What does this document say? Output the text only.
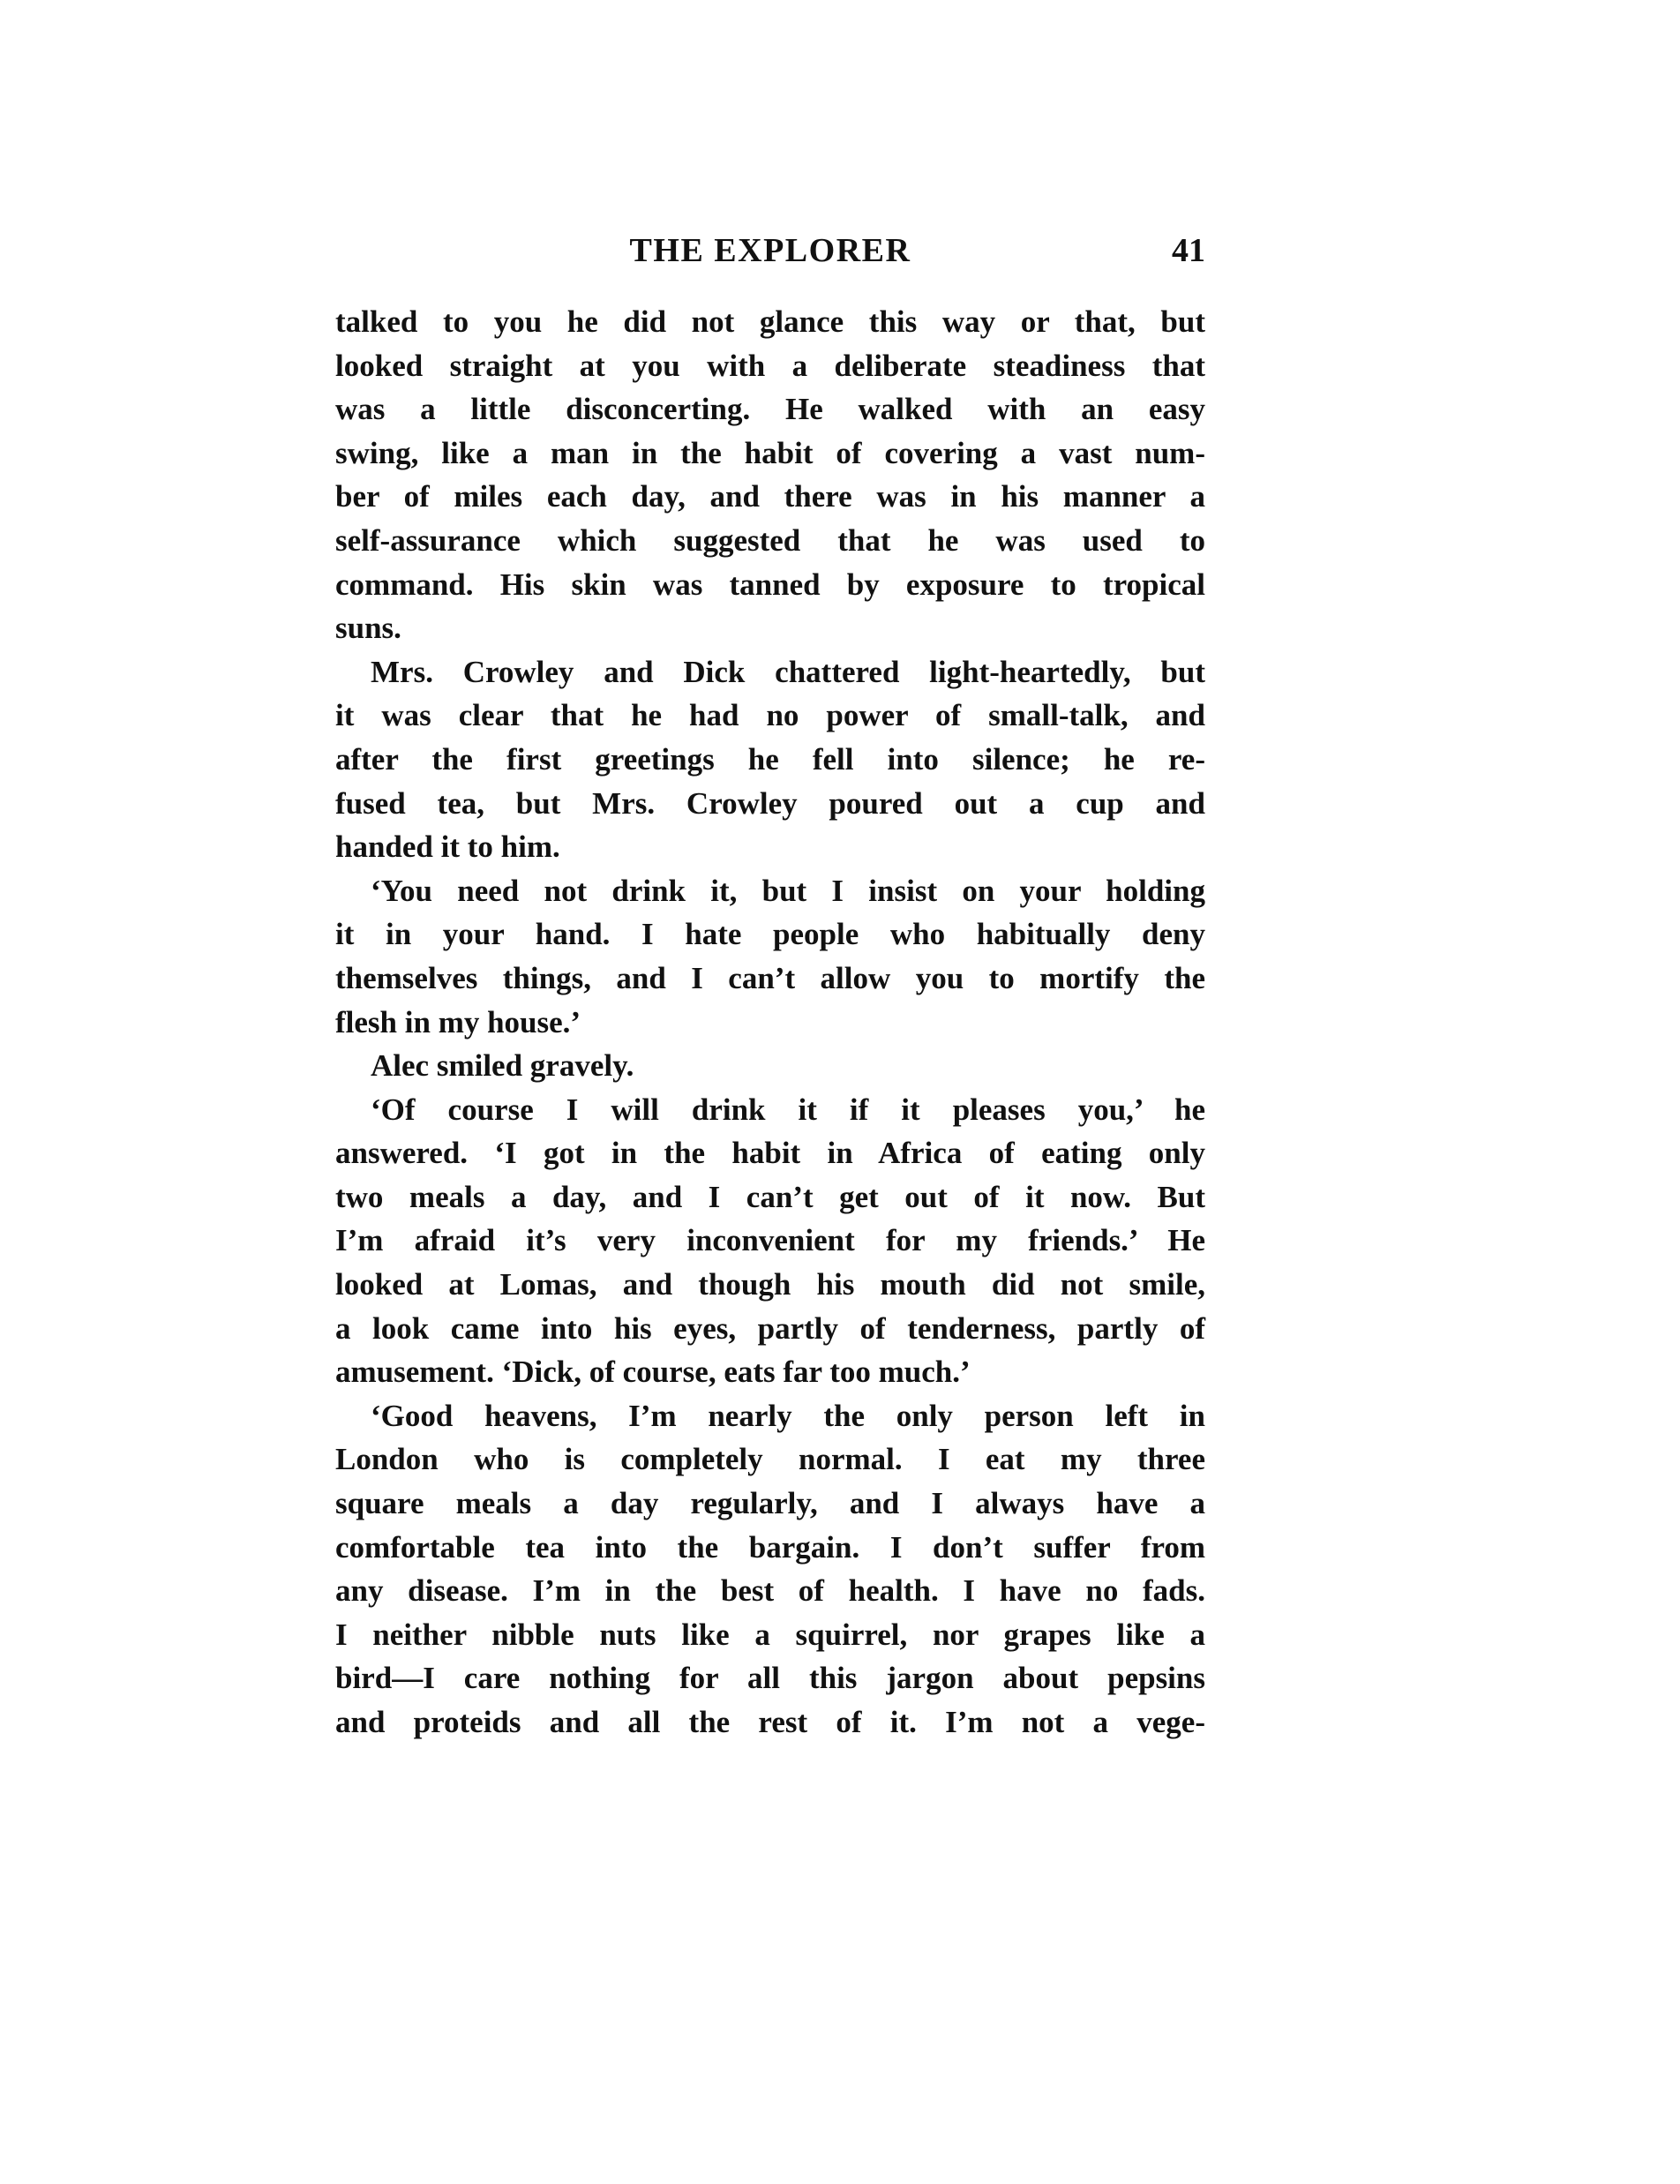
THE EXPLORER	41
talked to you he did not glance this way or that, but
looked straight at you with a deliberate steadiness that
was a little disconcerting. He walked with an easy
swing, like a man in the habit of covering a vast num-
ber of miles each day, and there was in his manner a
self-assurance which suggested that he was used to
command. His skin was tanned by exposure to tropical
suns.
Mrs. Crowley and Dick chattered light-heartedly, but
it was clear that he had no power of small-talk, and
after the first greetings he fell into silence; he re-
fused tea, but Mrs. Crowley poured out a cup and
handed it to him.
‘You need not drink it, but I insist on your holding
it in your hand. I hate people who habitually deny
themselves things, and I can’t allow you to mortify the
flesh in my house.’
Alec smiled gravely.
‘Of course I will drink it if it pleases you,’ he
answered. ‘I got in the habit in Africa of eating only
two meals a day, and I can’t get out of it now. But
I’m afraid it’s very inconvenient for my friends.’ He
looked at Lomas, and though his mouth did not smile,
a look came into his eyes, partly of tenderness, partly of
amusement. ‘Dick, of course, eats far too much.’
‘Good heavens, I’m nearly the only person left in
London who is completely normal. I eat my three
square meals a day regularly, and I always have a
comfortable tea into the bargain. I don’t suffer from
any disease. I’m in the best of health. I have no fads.
I neither nibble nuts like a squirrel, nor grapes like a
bird—I care nothing for all this jargon about pepsins
and proteids and all the rest of it. I’m not a vege-
